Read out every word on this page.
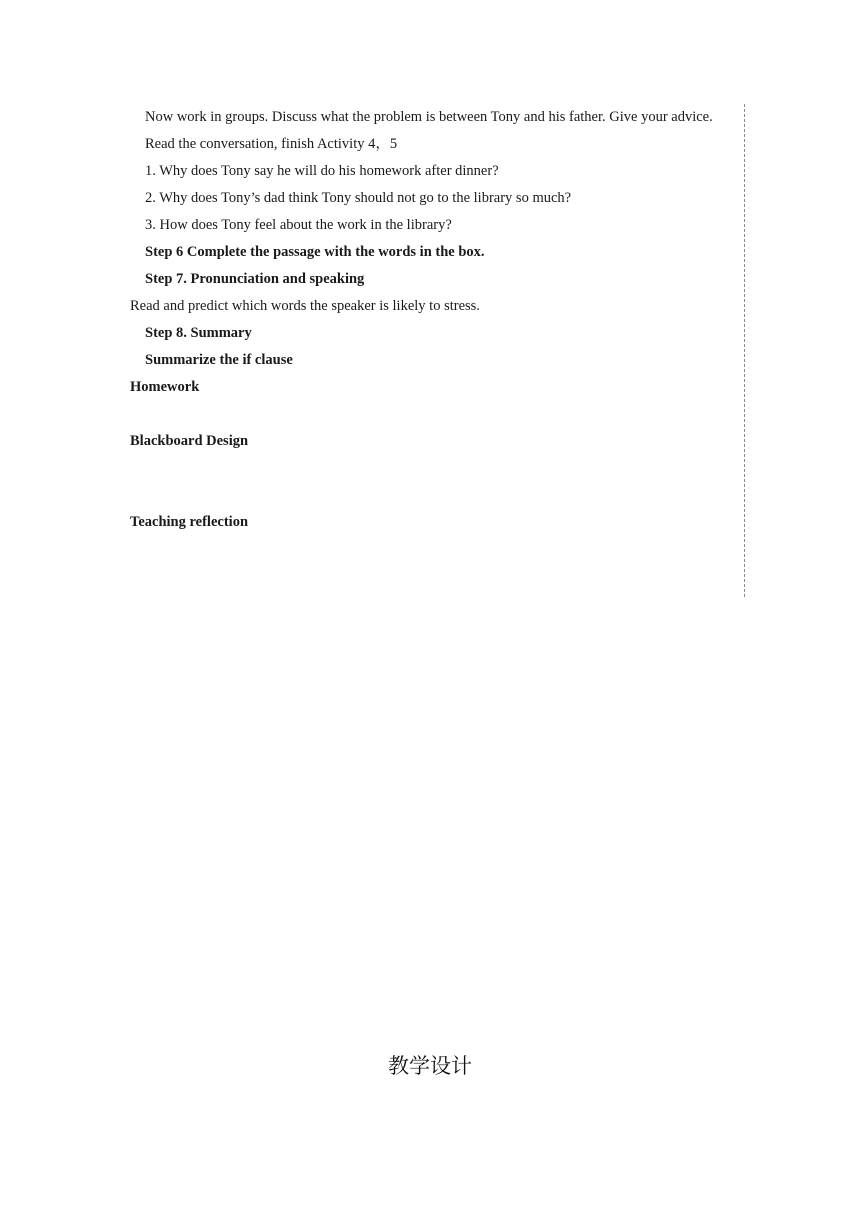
Now work in groups. Discuss what the problem is between Tony and his father. Give your advice.

Read the conversation, finish Activity 4，5

1. Why does Tony say he will do his homework after dinner?

2. Why does Tony’s dad think Tony should not go to the library so much?

3. How does Tony feel about the work in the library?

Step 6 Complete the passage with the words in the box.

Step 7. Pronunciation and speaking

Read and predict which words the speaker is likely to stress.

Step 8. Summary

Summarize the if clause

Homework

Blackboard Design

Teaching reflection

教学设计
